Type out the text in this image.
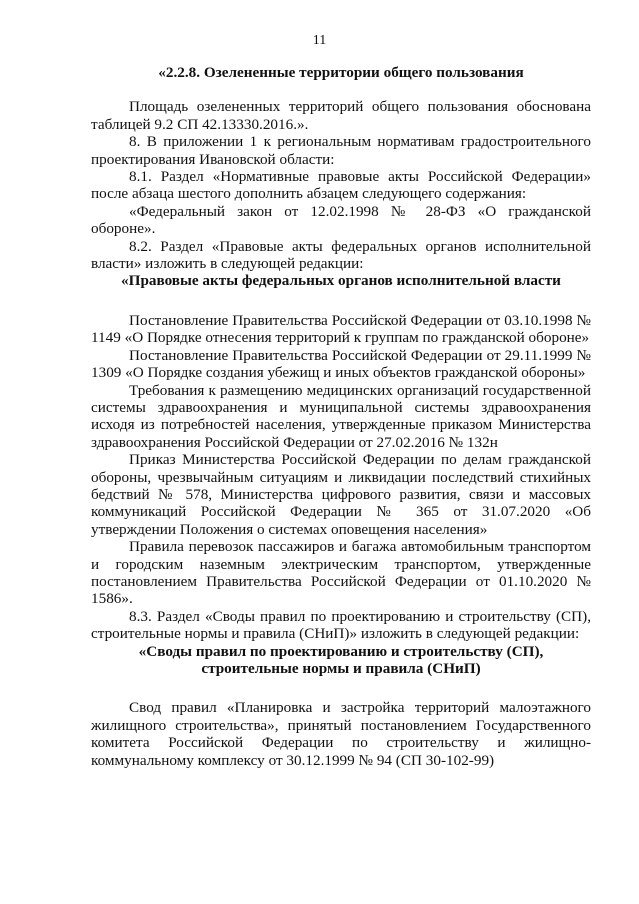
11
«2.2.8. Озелененные территории общего пользования

Площадь озелененных территорий общего пользования обоснована таблицей 9.2 СП 42.13330.2016.».

8. В приложении 1 к региональным нормативам градостроительного проектирования Ивановской области:

8.1. Раздел «Нормативные правовые акты Российской Федерации» после абзаца шестого дополнить абзацем следующего содержания:

«Федеральный закон от 12.02.1998 № 28-ФЗ «О гражданской обороне».

8.2. Раздел «Правовые акты федеральных органов исполнительной власти» изложить в следующей редакции:

«Правовые акты федеральных органов исполнительной власти

Постановление Правительства Российской Федерации от 03.10.1998 № 1149 «О Порядке отнесения территорий к группам по гражданской обороне»

Постановление Правительства Российской Федерации от 29.11.1999 № 1309 «О Порядке создания убежищ и иных объектов гражданской обороны»

Требования к размещению медицинских организаций государственной системы здравоохранения и муниципальной системы здравоохранения исходя из потребностей населения, утвержденные приказом Министерства здравоохранения Российской Федерации от 27.02.2016 № 132н

Приказ Министерства Российской Федерации по делам гражданской обороны, чрезвычайным ситуациям и ликвидации последствий стихийных бедствий № 578, Министерства цифрового развития, связи и массовых коммуникаций Российской Федерации № 365 от 31.07.2020 «Об утверждении Положения о системах оповещения населения»

Правила перевозок пассажиров и багажа автомобильным транспортом и городским наземным электрическим транспортом, утвержденные постановлением Правительства Российской Федерации от 01.10.2020 № 1586».

8.3. Раздел «Своды правил по проектированию и строительству (СП), строительные нормы и правила (СНиП)» изложить в следующей редакции:

«Своды правил по проектированию и строительству (СП),
строительные нормы и правила (СНиП)

Свод правил «Планировка и застройка территорий малоэтажного жилищного строительства», принятый постановлением Государственного комитета Российской Федерации по строительству и жилищно-коммунальному комплексу от 30.12.1999 № 94 (СП 30-102-99)
